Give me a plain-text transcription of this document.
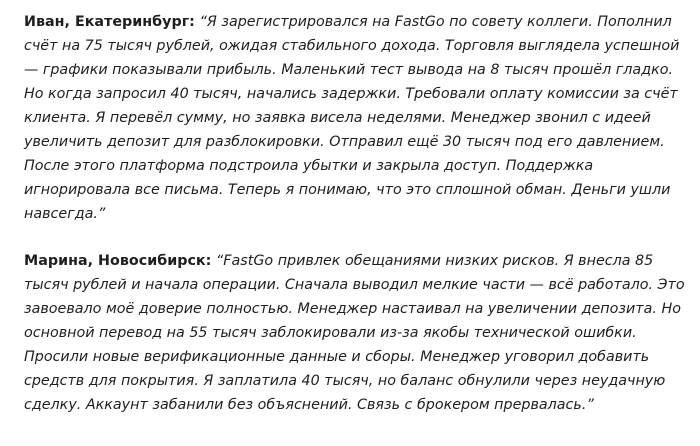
Иван, Екатеринбург: “Я зарегистрировался на FastGo по совету коллеги. Пополнил счёт на 75 тысяч рублей, ожидая стабильного дохода. Торговля выглядела успешной — графики показывали прибыль. Маленький тест вывода на 8 тысяч прошёл гладко. Но когда запросил 40 тысяч, начались задержки. Требовали оплату комиссии за счёт клиента. Я перевёл сумму, но заявка висела неделями. Менеджер звонил с идеей увеличить депозит для разблокировки. Отправил ещё 30 тысяч под его давлением. После этого платформа подстроила убытки и закрыла доступ. Поддержка игнорировала все письма. Теперь я понимаю, что это сплошной обман. Деньги ушли навсегда.”

Марина, Новосибирск: “FastGo привлек обещаниями низких рисков. Я внесла 85 тысяч рублей и начала операции. Сначала выводил мелкие части — всё работало. Это завоевало моё доверие полностью. Менеджер настаивал на увеличении депозита. Но основной перевод на 55 тысяч заблокировали из-за якобы технической ошибки. Просили новые верификационные данные и сборы. Менеджер уговорил добавить средств для покрытия. Я заплатила 40 тысяч, но баланс обнулили через неудачную сделку. Аккаунт забанили без объяснений. Связь с брокером прервалась.”
